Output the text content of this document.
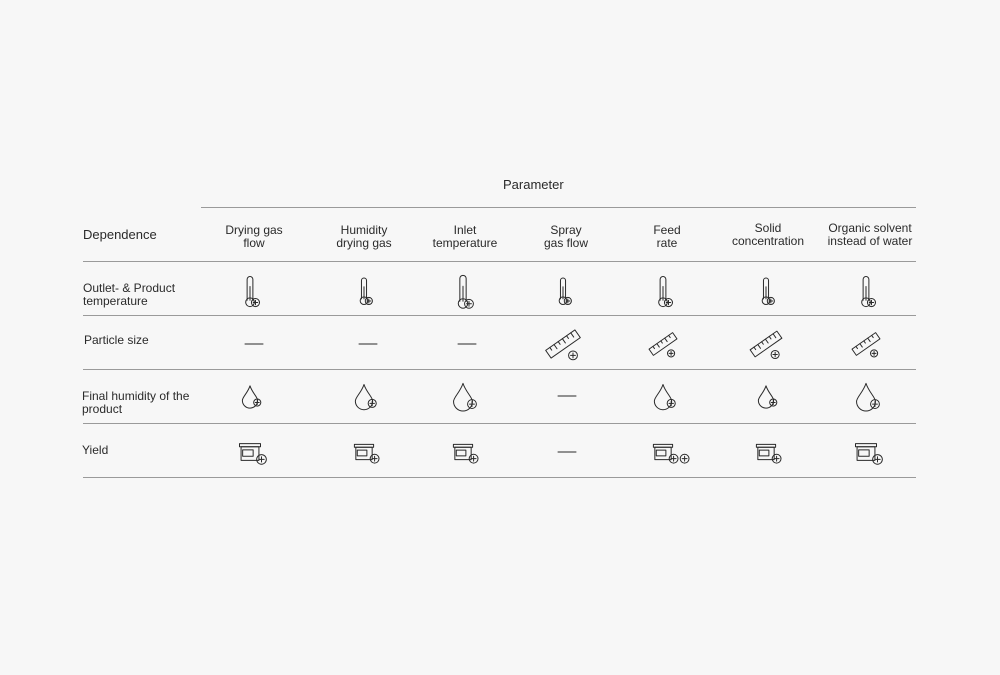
Parameter
Dependence	Drying gas
flow
Humidity
drying gas
Inlet
temperature
Spray
gas flow
Feed
rate
Solid
concentration
Organic solvent
instead of water
Outlet- & Product
temperature
Particle size
Final humidity of the
product
Yield
